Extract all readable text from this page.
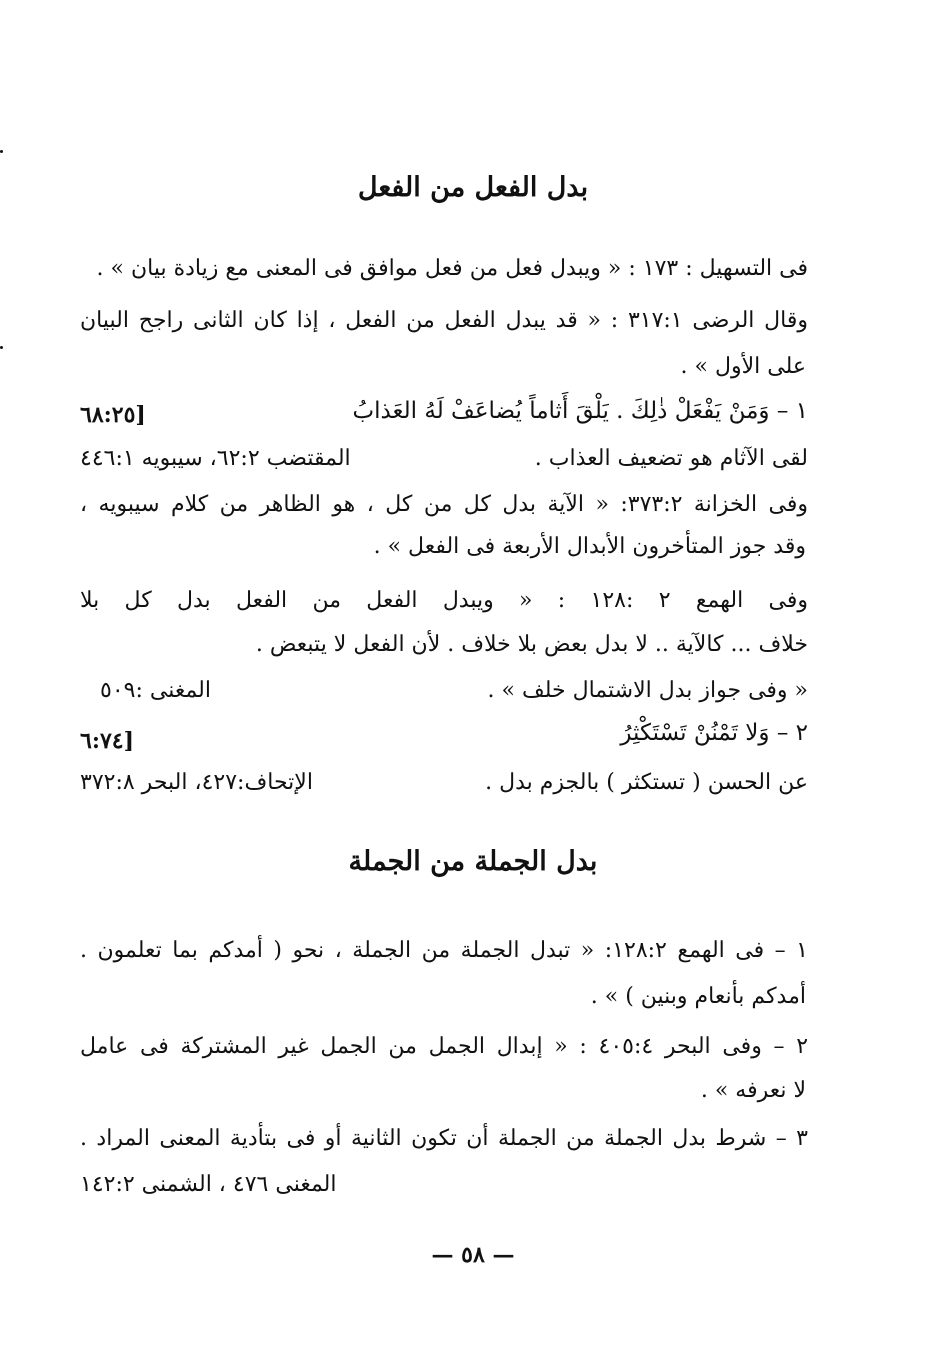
بدل الفعل من الفعل
فى التسهيل : ١٧٣ : « ويبدل فعل من فعل موافق فى المعنى مع زيادة بيان » .
وقال الرضى ٣١٧:١ : « قد يبدل الفعل من الفعل ، إذا كان الثانى راجح البيان
على الأول » .
١ – وَمَنْ يَفْعَلْ ذٰلِكَ . يَلْقَ أَثاماً يُضاعَفْ لَهُ العَذابُ
[٦٨:٢٥
لقى الآثام هو تضعيف العذاب .
المقتضب ٦٢:٢، سيبويه ٤٤٦:١
وفى الخزانة ٣٧٣:٢: « الآية بدل كل من كل ، هو الظاهر من كلام سيبويه ،
وقد جوز المتأخرون الأبدال الأربعة فى الفعل » .
وفى الهمع ٢ :١٢٨ : « ويبدل الفعل من الفعل بدل كل بلا
خلاف ... كالآية .. لا بدل بعض بلا خلاف . لأن الفعل لا يتبعض .
« وفى جواز بدل الاشتمال خلف » .
المغنى :٥٠٩
٢ – وَلا تَمْنُنْ تَسْتَكْثِرُ
[٦:٧٤
عن الحسن ( تستكثر ) بالجزم بدل .
الإتحاف:٤٢٧، البحر ٣٧٢:٨
بدل الجملة من الجملة
١ – فى الهمع ١٢٨:٢: « تبدل الجملة من الجملة ، نحو ( أمدكم بما تعلمون .
أمدكم بأنعام وبنين ) » .
٢ – وفى البحر ٤٠٥:٤ : « إبدال الجمل من الجمل غير المشتركة فى عامل
لا نعرفه » .
٣ – شرط بدل الجملة من الجملة أن تكون الثانية أو فى بتأدية المعنى المراد .
المغنى ٤٧٦ ، الشمنى ١٤٢:٢
— ٥٨ —
